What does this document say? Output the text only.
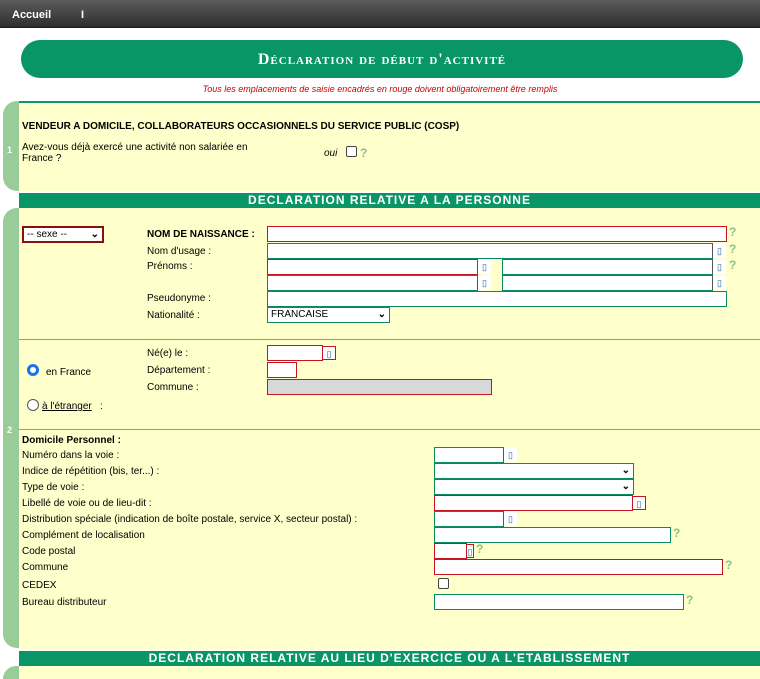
Accueil	I
Déclaration de début d'activité
Tous les emplacements de saisie encadrés en rouge doivent obligatoirement être remplis
1
VENDEUR A DOMICILE, COLLABORATEURS OCCASIONNELS DU SERVICE PUBLIC (COSP)
Avez-vous déjà exercé une activité non salariée en
France ?	oui ?
DECLARATION RELATIVE A LA PERSONNE
2
-- sexe -- ⌄	NOM DE NAISSANCE :	?
Nom d'usage :	▯ ?
Prénoms :	▯	▯ ?
▯	▯
Pseudonyme :
Nationalité :	FRANCAISE	⌄
en France
à l'étranger :
Né(e) le :	▯
Département :
Commune :
Domicile Personnel :
Numéro dans la voie :	▯
Indice de répétition (bis, ter...) :	⌄
Type de voie :	⌄
Libellé de voie ou de lieu-dit :	▯
Distribution spéciale (indication de boîte postale, service X, secteur postal) :	▯
Complément de localisation	?
Code postal	▯ ?
Commune	?
CEDEX
Bureau distributeur	?
DECLARATION RELATIVE AU LIEU D'EXERCICE OU A L'ETABLISSEMENT
